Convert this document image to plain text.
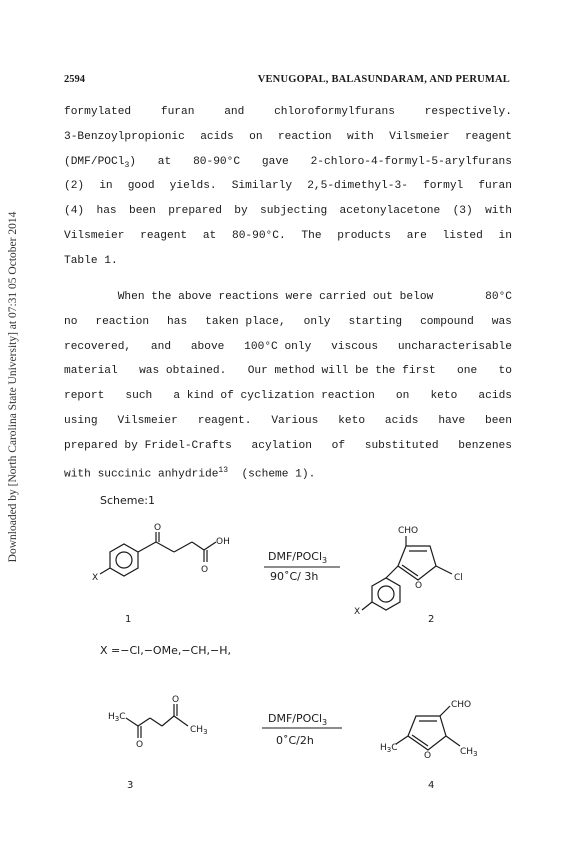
2594	VENUGOPAL, BALASUNDARAM, AND PERUMAL
Downloaded by [North Carolina State University] at 07:31 05 October 2014
formylated	furan	and	chloroformylfurans	respectively.
3-Benzoylpropionic acids on reaction with Vilsmeier reagent
(DMF/POCl$_3$) at 80-90°C gave 2-chloro-4-formyl-5-arylfurans
(2) in good yields. Similarly 2,5-dimethyl-3- formyl furan
(4) has been prepared by subjecting acetonylacetone (3) with
Vilsmeier reagent at 80-90°C. The products are listed in
Table 1.
When the above reactions were carried out below	80°C
no reaction has taken place, only starting compound was
recovered, and above 100°C only viscous uncharacterisable
material was obtained. Our method will be the first one to
report such a kind of cyclization reaction on keto acids
using Vilsmeier reagent. Various keto acids have been
prepared by Fridel-Crafts acylation of substituted benzenes
with succinic anhydride$^{13}$  (scheme 1).
Scheme:1
O
OH
O
X
DMF/POCl$_3$
90˚C/ 3h
CHO
O
Cl
X
1	2
X =−Cl,−OMe,−CH,−H,
$H_3C$
$CH_3$
O
O
DMF/POCl$_3$
0˚C/2h
CHO
O
$H_3C$	$CH_3$
3	4
